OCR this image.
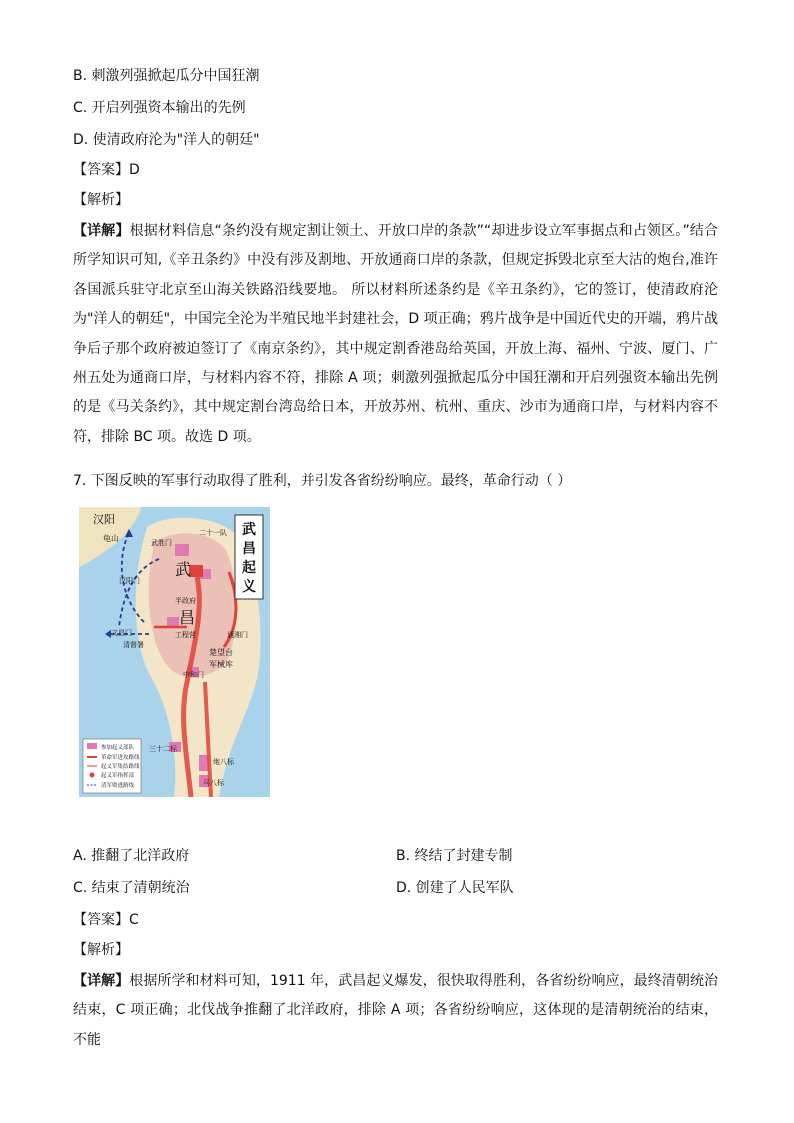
B. 刺激列强掀起瓜分中国狂潮
C. 开启列强资本输出的先例
D. 使清政府沦为"洋人的朝廷"
【答案】D
【解析】
【详解】根据材料信息“条约没有规定割让领土、开放口岸的条款”“却进步设立军事据点和占领区。”结合所学知识可知,《辛丑条约》中没有涉及割地、开放通商口岸的条款，但规定拆毁北京至大沽的炮台,准许各国派兵驻守北京至山海关铁路沿线要地。 所以材料所述条约是《辛丑条约》，它的签订，使清政府沦为"洋人的朝廷"，中国完全沦为半殖民地半封建社会，D 项正确；鸦片战争是中国近代史的开端，鸦片战争后子那个政府被迫签订了《南京条约》，其中规定割香港岛给英国，开放上海、福州、宁波、厦门、广州五处为通商口岸，与材料内容不符，排除 A 项；刺激列强掀起瓜分中国狂潮和开启列强资本输出先例的是《马关条约》，其中规定割台湾岛给日本，开放苏州、杭州、重庆、沙市为通商口岸，与材料内容不符，排除 BC 项。故选 D 项。
7. 下图反映的军事行动取得了胜利，并引发各省纷纷响应。最终，革命行动（ ）
武
昌
起
义
汉阳
龟山
武
昌
武胜门
二十一队
汉阳门
半政府
文昌门
清督署
工程营	通湘门
楚望台
军械库
中和门
三十二标
炮八标
马八标
参加起义部队
革命军进攻路线
起义军集结路线
起义军指挥部
清军败逃路线
A. 推翻了北洋政府	B. 终结了封建专制
C. 结束了清朝统治	D. 创建了人民军队
【答案】C
【解析】
【详解】根据所学和材料可知，1911 年，武昌起义爆发，很快取得胜利，各省纷纷响应，最终清朝统治结束，C 项正确；北伐战争推翻了北洋政府，排除 A 项；各省纷纷响应，这体现的是清朝统治的结束，不能
